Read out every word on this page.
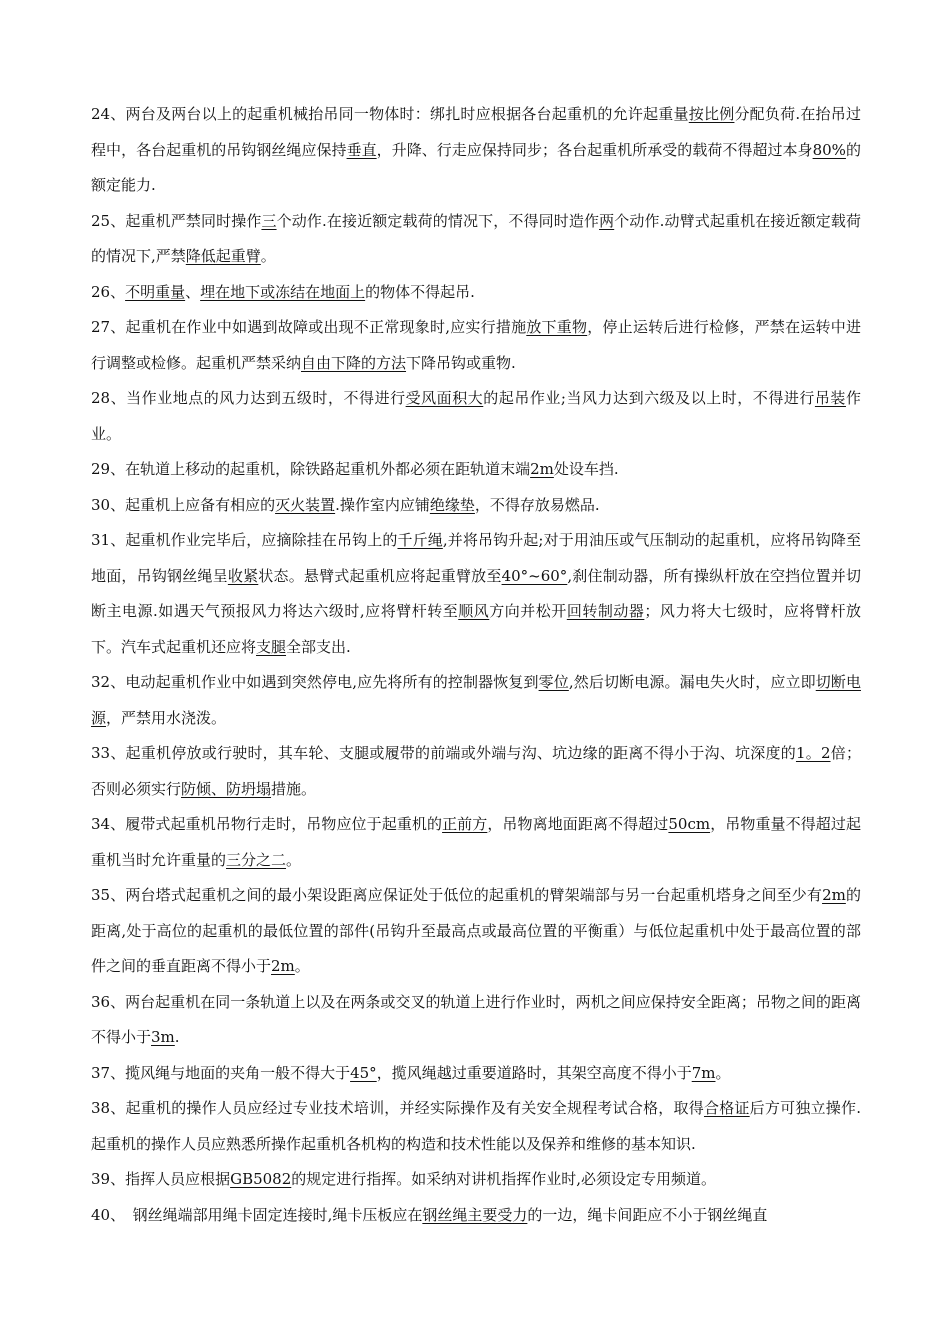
24、两台及两台以上的起重机械抬吊同一物体时：绑扎时应根据各台起重机的允许起重量按比例分配负荷.在抬吊过程中，各台起重机的吊钩钢丝绳应保持垂直，升降、行走应保持同步；各台起重机所承受的载荷不得超过本身80%的额定能力.

25、起重机严禁同时操作三个动作.在接近额定载荷的情况下，不得同时造作两个动作.动臂式起重机在接近额定载荷的情况下,严禁降低起重臂。

26、不明重量、埋在地下或冻结在地面上的物体不得起吊.

27、起重机在作业中如遇到故障或出现不正常现象时,应实行措施放下重物，停止运转后进行检修，严禁在运转中进行调整或检修。起重机严禁采纳自由下降的方法下降吊钩或重物.

28、当作业地点的风力达到五级时，不得进行受风面积大的起吊作业;当风力达到六级及以上时，不得进行吊装作业。

29、在轨道上移动的起重机，除铁路起重机外都必须在距轨道末端2m处设车挡.

30、起重机上应备有相应的灭火装置.操作室内应铺绝缘垫，不得存放易燃品.

31、起重机作业完毕后，应摘除挂在吊钩上的千斤绳,并将吊钩升起;对于用油压或气压制动的起重机，应将吊钩降至地面，吊钩钢丝绳呈收紧状态。悬臂式起重机应将起重臂放至40°~60°,刹住制动器，所有操纵杆放在空挡位置并切断主电源.如遇天气预报风力将达六级时,应将臂杆转至顺风方向并松开回转制动器；风力将大七级时，应将臂杆放下。汽车式起重机还应将支腿全部支出.

32、电动起重机作业中如遇到突然停电,应先将所有的控制器恢复到零位,然后切断电源。漏电失火时，应立即切断电源，严禁用水浇泼。

33、起重机停放或行驶时，其车轮、支腿或履带的前端或外端与沟、坑边缘的距离不得小于沟、坑深度的1。2倍；否则必须实行防倾、防坍塌措施。

34、履带式起重机吊物行走时，吊物应位于起重机的正前方，吊物离地面距离不得超过50cm，吊物重量不得超过起重机当时允许重量的三分之二。

35、两台塔式起重机之间的最小架设距离应保证处于低位的起重机的臂架端部与另一台起重机塔身之间至少有2m的距离,处于高位的起重机的最低位置的部件(吊钩升至最高点或最高位置的平衡重）与低位起重机中处于最高位置的部件之间的垂直距离不得小于2m。

36、两台起重机在同一条轨道上以及在两条或交叉的轨道上进行作业时，两机之间应保持安全距离；吊物之间的距离不得小于3m.

37、揽风绳与地面的夹角一般不得大于45°，揽风绳越过重要道路时，其架空高度不得小于7m。

38、起重机的操作人员应经过专业技术培训，并经实际操作及有关安全规程考试合格，取得合格证后方可独立操作.起重机的操作人员应熟悉所操作起重机各机构的构造和技术性能以及保养和维修的基本知识.

39、指挥人员应根据GB5082的规定进行指挥。如采纳对讲机指挥作业时,必须设定专用频道。

40、　钢丝绳端部用绳卡固定连接时,绳卡压板应在钢丝绳主要受力的一边，绳卡间距应不小于钢丝绳直
